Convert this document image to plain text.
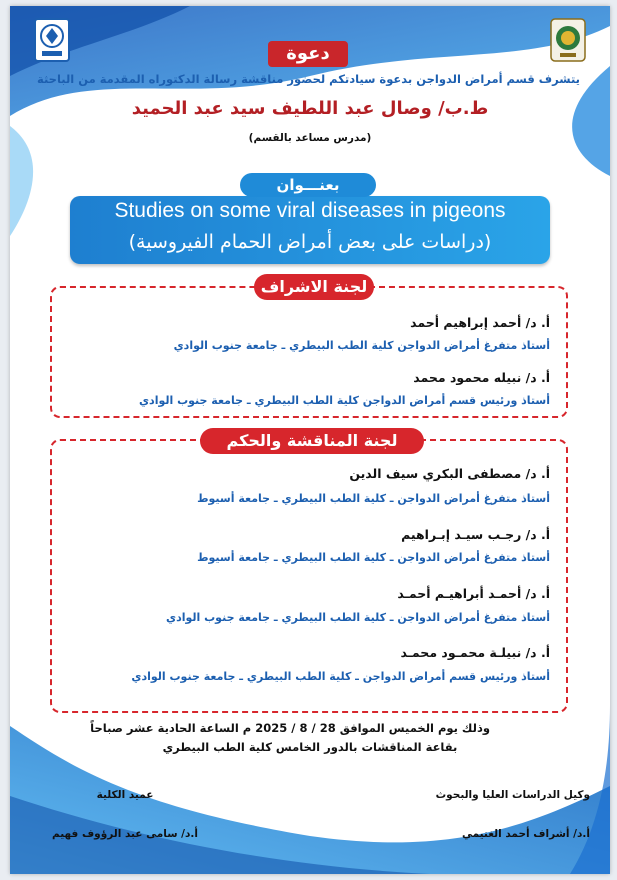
دعوة
يتشرف قسم أمراض الدواجن بدعوة سيادتكم لحضور مناقشة رسالة الدكتوراه المقدمة من الباحثة
ط.ب/ وصال عبد اللطيف سيد عبد الحميد
(مدرس مساعد بالقسم)
بعنـــوان
Studies on some viral diseases in pigeons
(دراسات على بعض أمراض الحمام الفيروسية)
لجنة الاشراف
أ. د/ أحمد إبراهيم أحمد
أستاذ متفرغ أمراض الدواجن كلية الطب البيطري ـ جامعة جنوب الوادي
أ. د/ نبيله محمود محمد
أستاذ ورئيس قسم أمراض الدواجن كلية الطب البيطري ـ جامعة جنوب الوادي
لجنة المناقشة والحكم
أ. د/ مصطفى البكري سيف الدين
أستاذ متفرغ أمراض الدواجن ـ كلية الطب البيطري ـ جامعة أسيوط
أ. د/ رجـب سيـد إبـراهيم
أستاذ متفرغ أمراض الدواجن ـ كلية الطب البيطري ـ جامعة أسيوط
أ. د/ أحمـد أبراهيـم أحمـد
أستاذ متفرغ أمراض الدواجن ـ كلية الطب البيطري ـ جامعة جنوب الوادي
أ. د/ نبيلـة محمـود محمـد
أستاذ ورئيس قسم أمراض الدواجن ـ كلية الطب البيطري ـ جامعة جنوب الوادي
وذلك يوم الخميس الموافق 28 / 8 / 2025 م الساعة الحادية عشر صباحاً
بقاعة المناقشات بالدور الخامس كلية الطب البيطري
وكيل الدراسات العليا والبحوث
أ.د/ أشراف أحمد الغنيمي
عميد الكلية
أ.د/ سامى عبد الرؤوف فهيم
